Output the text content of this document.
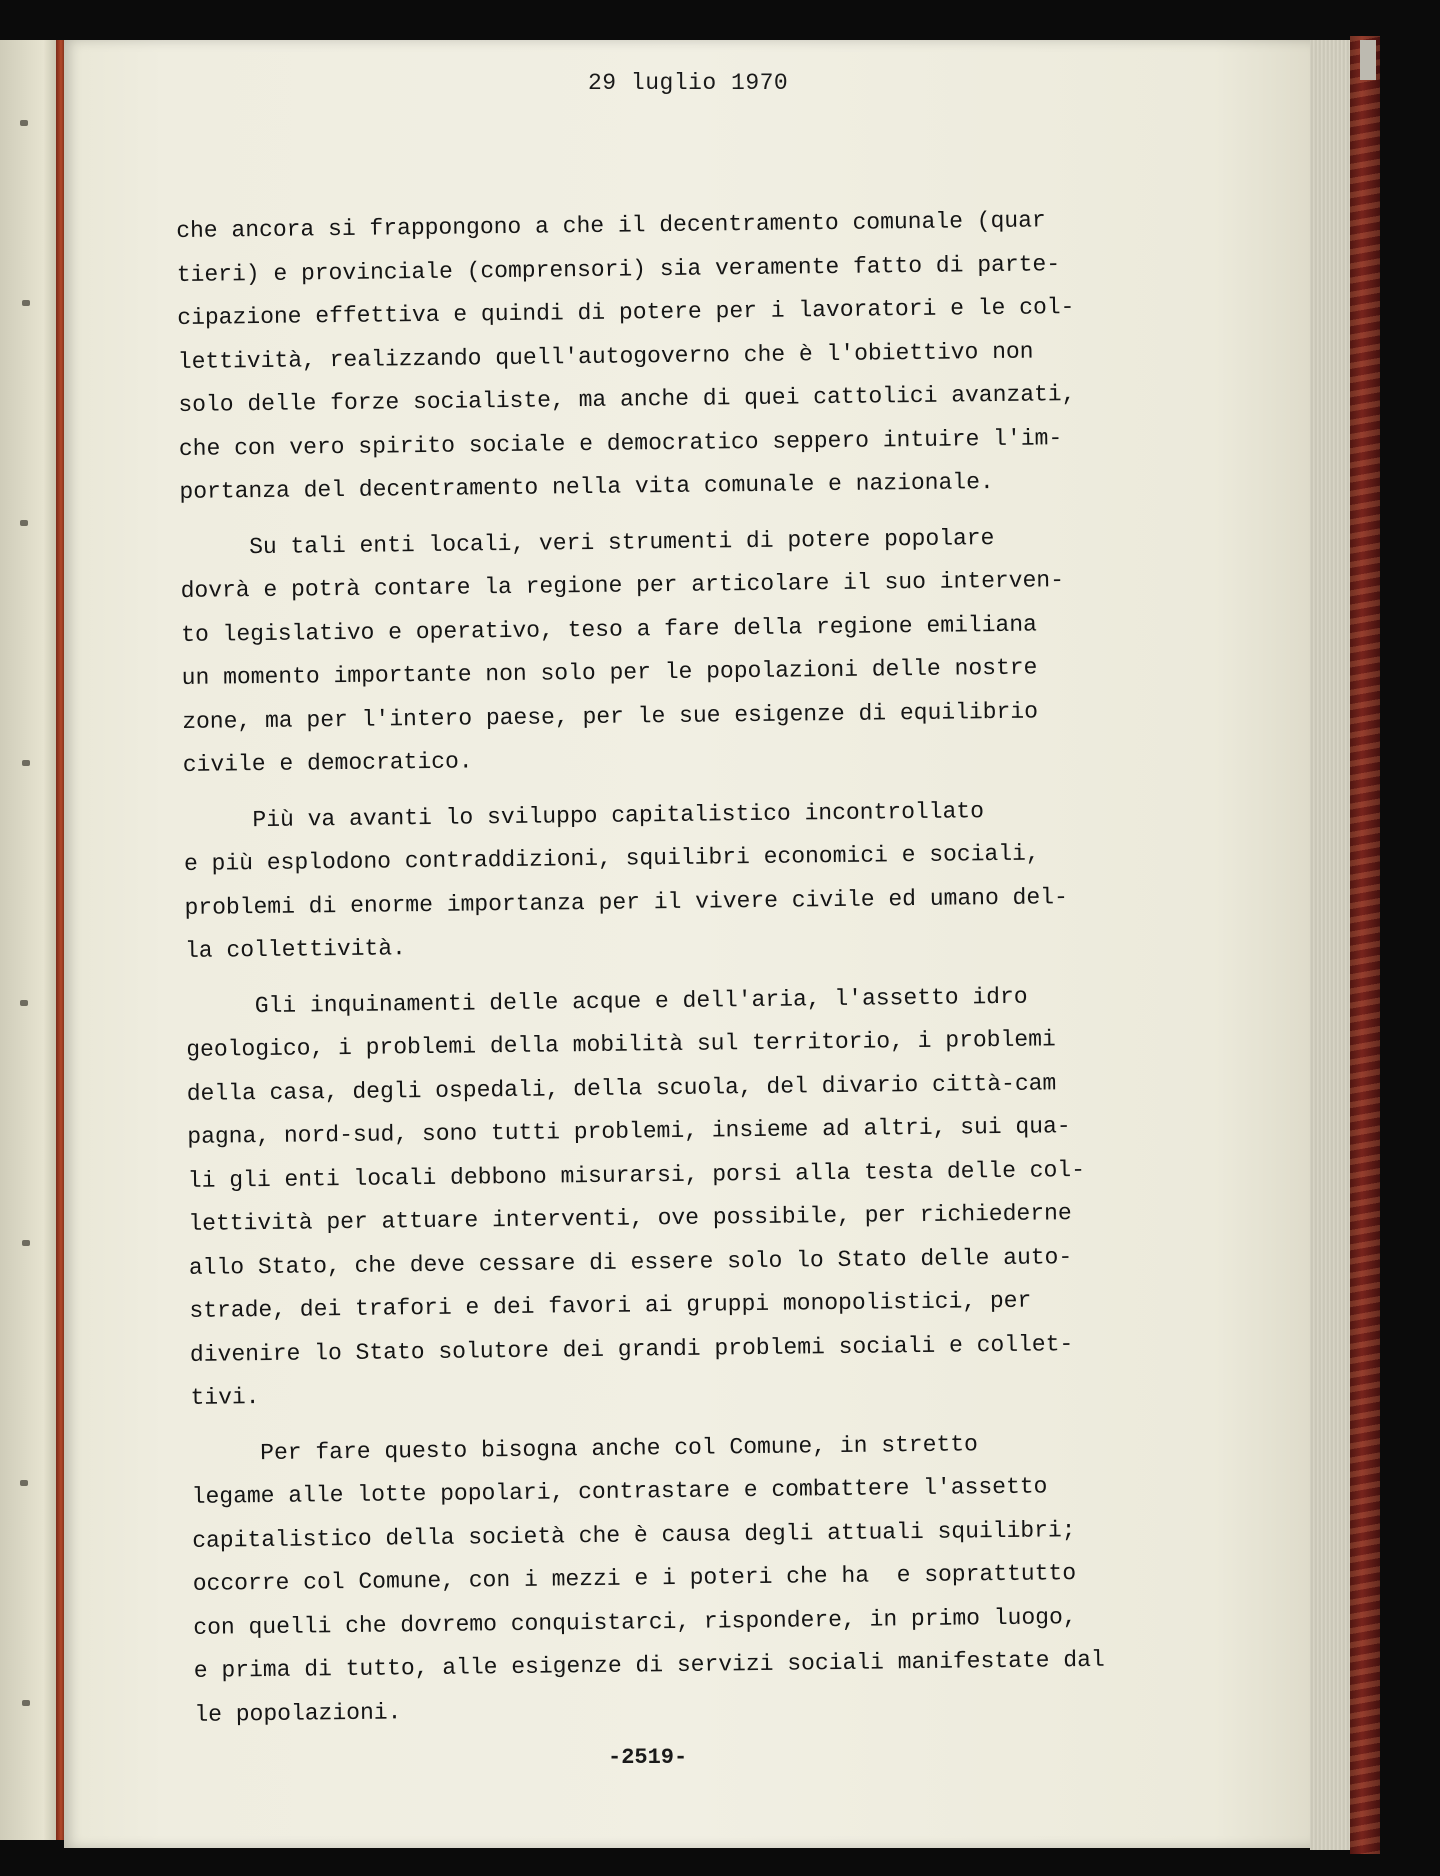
29 luglio 1970
che ancora si frappongono a che il decentramento comunale (quar
tieri) e provinciale (comprensori) sia veramente fatto di parte-
cipazione effettiva e quindi di potere per i lavoratori e le col-
lettività, realizzando quell'autogoverno che è l'obiettivo non
solo delle forze socialiste, ma anche di quei cattolici avanzati,
che con vero spirito sociale e democratico seppero intuire l'im-
portanza del decentramento nella vita comunale e nazionale.
Su tali enti locali, veri strumenti di potere popolare
dovrà e potrà contare la regione per articolare il suo interven-
to legislativo e operativo, teso a fare della regione emiliana
un momento importante non solo per le popolazioni delle nostre
zone, ma per l'intero paese, per le sue esigenze di equilibrio
civile e democratico.
Più va avanti lo sviluppo capitalistico incontrollato
e più esplodono contraddizioni, squilibri economici e sociali,
problemi di enorme importanza per il vivere civile ed umano del-
la collettività.
Gli inquinamenti delle acque e dell'aria, l'assetto idro
geologico, i problemi della mobilità sul territorio, i problemi
della casa, degli ospedali, della scuola, del divario città-cam
pagna, nord-sud, sono tutti problemi, insieme ad altri, sui qua-
li gli enti locali debbono misurarsi, porsi alla testa delle col-
lettività per attuare interventi, ove possibile, per richiederne
allo Stato, che deve cessare di essere solo lo Stato delle auto-
strade, dei trafori e dei favori ai gruppi monopolistici, per
divenire lo Stato solutore dei grandi problemi sociali e collet-
tivi.
Per fare questo bisogna anche col Comune, in stretto
legame alle lotte popolari, contrastare e combattere l'assetto
capitalistico della società che è causa degli attuali squilibri;
occorre col Comune, con i mezzi e i poteri che ha  e soprattutto
con quelli che dovremo conquistarci, rispondere, in primo luogo,
e prima di tutto, alle esigenze di servizi sociali manifestate dal
le popolazioni.
-2519-
